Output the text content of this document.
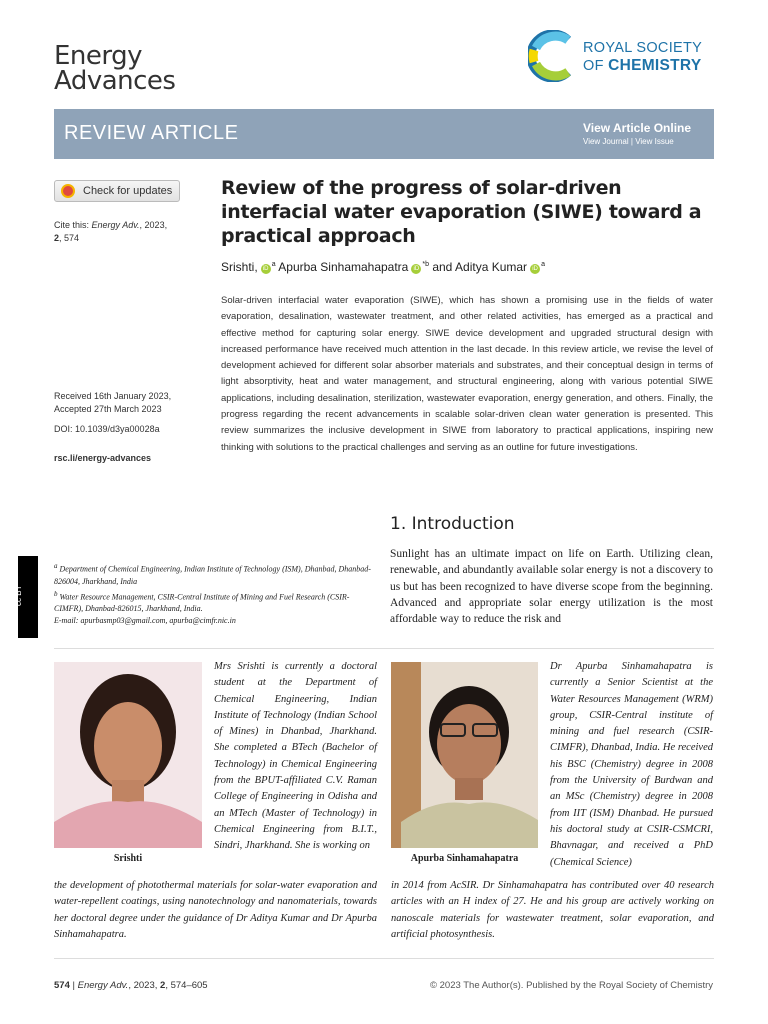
Energy
Advances
ROYAL SOCIETY
OF CHEMISTRY
REVIEW ARTICLE	View Article Online
View Journal | View Issue
Check for updates
Cite this: Energy Adv., 2023,
2, 574
Received 16th January 2023,
Accepted 27th March 2023
DOI: 10.1039/d3ya00028a
rsc.li/energy-advances
Review of the progress of solar-driven interfacial water evaporation (SIWE) toward a practical approach
Srishti, $iD^a$ Apurba Sinhamahapatra $iD^{*b}$ and Aditya Kumar $iD^a$
Solar-driven interfacial water evaporation (SIWE), which has shown a promising use in the fields of water evaporation, desalination, wastewater treatment, and other related activities, has emerged as a practical and effective method for capturing solar energy. SIWE device development and upgraded structural design with increased performance have received much attention in the last decade. In this review article, we revise the level of development achieved for different solar absorber materials and substrates, and their conceptual design in terms of light absorptivity, heat and water management, and structural engineering, along with various potential SIWE applications, including desalination, sterilization, wastewater evaporation, energy generation, and others. Finally, the progress regarding the recent advancements in scalable solar-driven clean water generation is presented. This review summarizes the inclusive development in SIWE from laboratory to practical applications, inspiring new thinking with solutions to the practical challenges and serving as an outline for future investigations.
1. Introduction
Sunlight has an ultimate impact on life on Earth. Utilizing clean, renewable, and abundantly available solar energy is not a discovery to us but has been recognized to have diverse scope from the beginning. Advanced and appropriate solar energy utilization is the most affordable way to reduce the risk and
cc BY
$^a$ Department of Chemical Engineering, Indian Institute of Technology (ISM), Dhanbad, Dhanbad-826004, Jharkhand, India
$^b$ Water Resource Management, CSIR-Central Institute of Mining and Fuel Research (CSIR-CIMFR), Dhanbad-826015, Jharkhand, India.
E-mail: apurbasmp03@gmail.com, apurba@cimfr.nic.in
Srishti
Mrs Srishti is currently a doctoral student at the Department of Chemical Engineering, Indian Institute of Technology (Indian School of Mines) in Dhanbad, Jharkhand. She completed a BTech (Bachelor of Technology) in Chemical Engineering from the BPUT-affiliated C.V. Raman College of Engineering in Odisha and an MTech (Master of Technology) in Chemical Engineering from B.I.T., Sindri, Jharkhand. She is working on
the development of photothermal materials for solar-water evaporation and water-repellent coatings, using nanotechnology and nanomaterials, towards her doctoral degree under the guidance of Dr Aditya Kumar and Dr Apurba Sinhamahapatra.
Apurba Sinhamahapatra
Dr Apurba Sinhamahapatra is currently a Senior Scientist at the Water Resources Management (WRM) group, CSIR-Central institute of mining and fuel research (CSIR-CIMFR), Dhanbad, India. He received his BSC (Chemistry) degree in 2008 from the University of Burdwan and an MSc (Chemistry) degree in 2008 from IIT (ISM) Dhanbad. He pursued his doctoral study at CSIR-CSMCRI, Bhavnagar, and received a PhD (Chemical Science)
in 2014 from AcSIR. Dr Sinhamahapatra has contributed over 40 research articles with an H index of 27. He and his group are actively working on nanoscale materials for wastewater treatment, solar evaporation, and artificial photosynthesis.
574 | Energy Adv., 2023, 2, 574–605	© 2023 The Author(s). Published by the Royal Society of Chemistry
